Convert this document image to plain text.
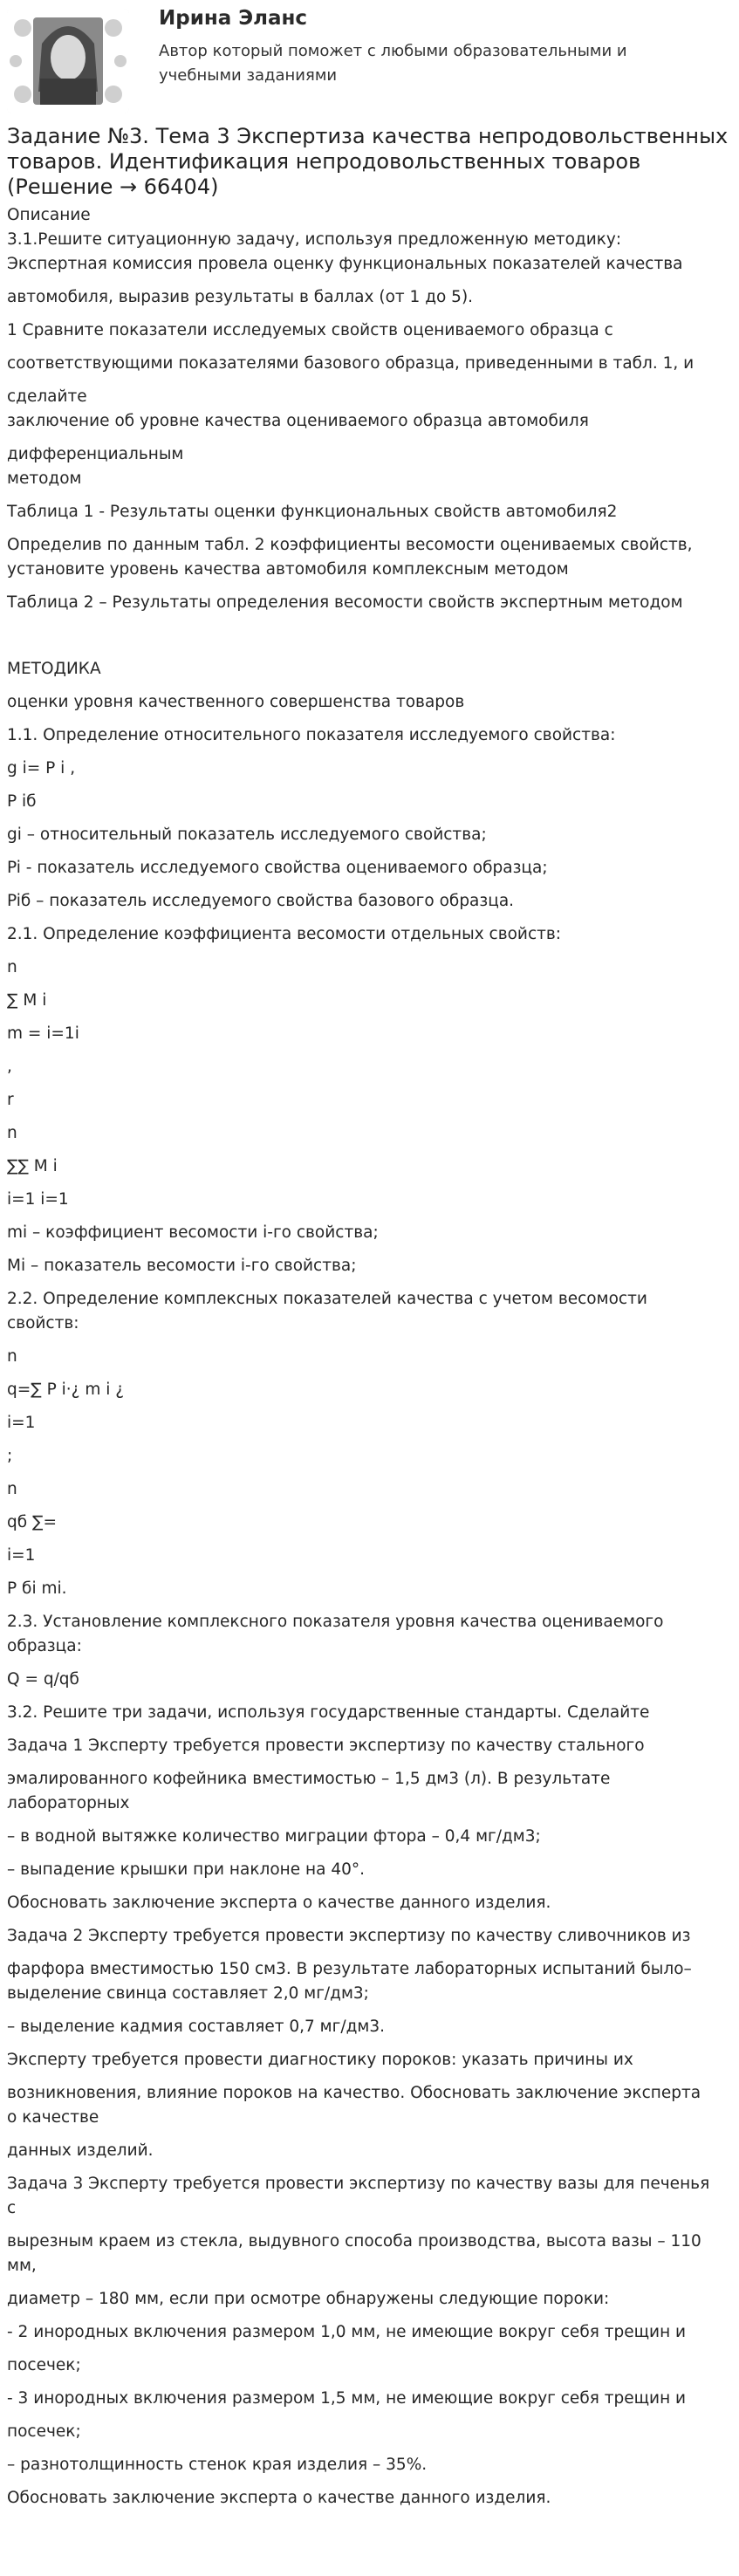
Ирина Эланс
Автор который поможет с любыми образовательными и учебными заданиями
Задание №3. Тема 3 Экспертиза качества непродовольственных товаров. Идентификация непродовольственных товаров (Решение → 66404)
Описание
3.1.Решите ситуационную задачу, используя предложенную методику:
Экспертная комиссия провела оценку функциональных показателей качества
автомобиля, выразив результаты в баллах (от 1 до 5).
1 Сравните показатели исследуемых свойств оцениваемого образца с
соответствующими показателями базового образца, приведенными в табл. 1, и
сделайте
заключение об уровне качества оцениваемого образца автомобиля
дифференциальным
методом
Таблица 1 - Результаты оценки функциональных свойств автомобиля2
Определив по данным табл. 2 коэффициенты весомости оцениваемых свойств,
установите уровень качества автомобиля комплексным методом
Таблица 2 – Результаты определения весомости свойств экспертным методом
МЕТОДИКА
оценки уровня качественного совершенства товаров
1.1. Определение относительного показателя исследуемого свойства:
g i= P i ,
P iб
gi – относительный показатель исследуемого свойства;
Pi - показатель исследуемого свойства оцениваемого образца;
Piб – показатель исследуемого свойства базового образца.
2.1. Определение коэффициента весомости отдельных свойств:
n
∑ M i
m = i=1i
,
r
n
∑∑ M i
i=1 i=1
mi – коэффициент весомости i-го свойства;
Mi – показатель весомости i-го свойства;
2.2. Определение комплексных показателей качества с учетом весомости
свойств:
n
q=∑ P i·¿ m i ¿
i=1
;
n
qб ∑=
i=1
P бi mi.
2.3. Установление комплексного показателя уровня качества оцениваемого
образца:
Q = q/qб
3.2. Решите три задачи, используя государственные стандарты. Сделайте
Задача 1 Эксперту требуется провести экспертизу по качеству стального
эмалированного кофейника вместимостью – 1,5 дм3 (л). В результате
лабораторных
– в водной вытяжке количество миграции фтора – 0,4 мг/дм3;
– выпадение крышки при наклоне на 40°.
Обосновать заключение эксперта о качестве данного изделия.
Задача 2 Эксперту требуется провести экспертизу по качеству сливочников из
фарфора вместимостью 150 см3. В результате лабораторных испытаний было–
выделение свинца составляет 2,0 мг/дм3;
– выделение кадмия составляет 0,7 мг/дм3.
Эксперту требуется провести диагностику пороков: указать причины их
возникновения, влияние пороков на качество. Обосновать заключение эксперта
о качестве
данных изделий.
Задача 3 Эксперту требуется провести экспертизу по качеству вазы для печенья
с
вырезным краем из стекла, выдувного способа производства, высота вазы – 110
мм,
диаметр – 180 мм, если при осмотре обнаружены следующие пороки:
- 2 инородных включения размером 1,0 мм, не имеющие вокруг себя трещин и
посечек;
- 3 инородных включения размером 1,5 мм, не имеющие вокруг себя трещин и
посечек;
– разнотолщинность стенок края изделия – 35%.
Обосновать заключение эксперта о качестве данного изделия.
